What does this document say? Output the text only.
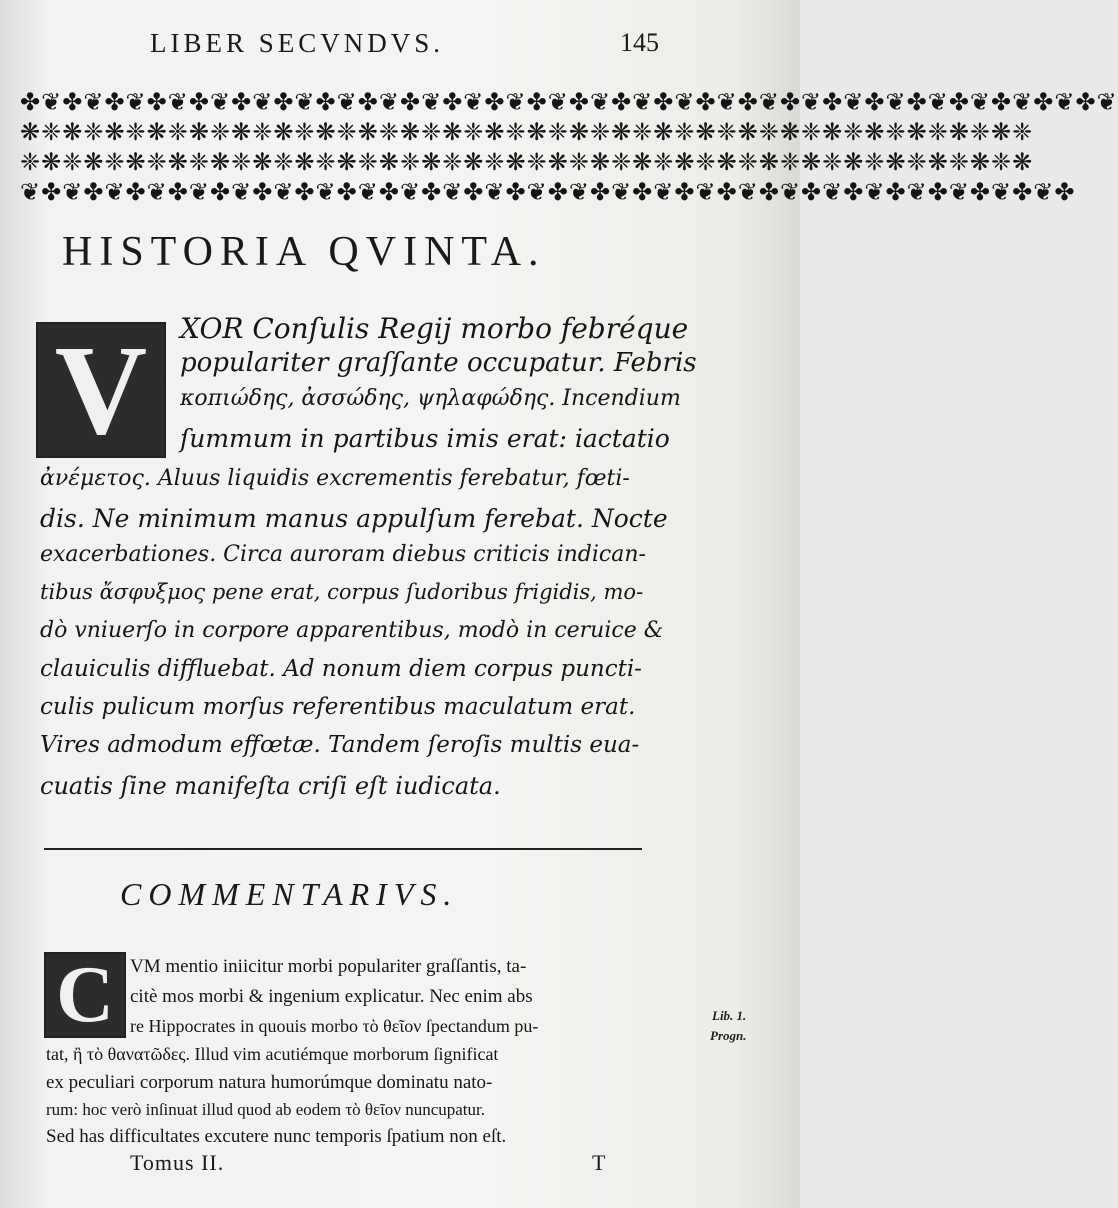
LIBER SECVNDVS.	145
✤❦✤❦✤❦✤❦✤❦✤❦✤❦✤❦✤❦✤❦✤❦✤❦✤❦✤❦✤❦✤❦✤❦✤❦✤❦✤❦✤❦✤❦✤❦✤❦✤❦✤❦
❋❈❋❈❋❈❋❈❋❈❋❈❋❈❋❈❋❈❋❈❋❈❋❈❋❈❋❈❋❈❋❈❋❈❋❈❋❈❋❈❋❈❋❈❋❈❋❈
❈❋❈❋❈❋❈❋❈❋❈❋❈❋❈❋❈❋❈❋❈❋❈❋❈❋❈❋❈❋❈❋❈❋❈❋❈❋❈❋❈❋❈❋❈❋❈❋
❦✤❦✤❦✤❦✤❦✤❦✤❦✤❦✤❦✤❦✤❦✤❦✤❦✤❦✤❦✤❦✤❦✤❦✤❦✤❦✤❦✤❦✤❦✤❦✤❦✤
HISTORIA QVINTA.
V XOR Conſulis Regij morbo febréque
populariter graſſante occupatur. Febris
κοπιώδης, ἀσσώδης, ψηλαφώδης. Incendium
ſummum in partibus imis erat: iactatio
ἀνέμετος. Aluus liquidis excrementis ferebatur, fœti-
dis. Ne minimum manus appulſum ferebat. Nocte
exacerbationes. Circa auroram diebus criticis indican-
tibus ἄσφυξμος pene erat, corpus ſudoribus frigidis, mo-
dò vniuerſo in corpore apparentibus, modò in ceruice &
clauiculis diffluebat. Ad nonum diem corpus puncti-
culis pulicum morſus referentibus maculatum erat.
Vires admodum effœtæ. Tandem ſeroſis multis eua-
cuatis ſine manifeſta criſi eſt iudicata.
COMMENTARIVS.
C VM mentio iniicitur morbi populariter graſſantis, ta-
citè mos morbi & ingenium explicatur. Nec enim abs
re Hippocrates in quouis morbo τὸ θεῖον ſpectandum pu-
tat, ἢ τὸ θανατῶδες. Illud vim acutiémque morborum ſignificat
ex peculiari corporum natura humorúmque dominatu nato-
rum: hoc verò inſinuat illud quod ab eodem τὸ θεῖον nuncupatur.
Sed has difficultates excutere nunc temporis ſpatium non eſt.
Lib. 1.
Progn.
Tomus II.	T
